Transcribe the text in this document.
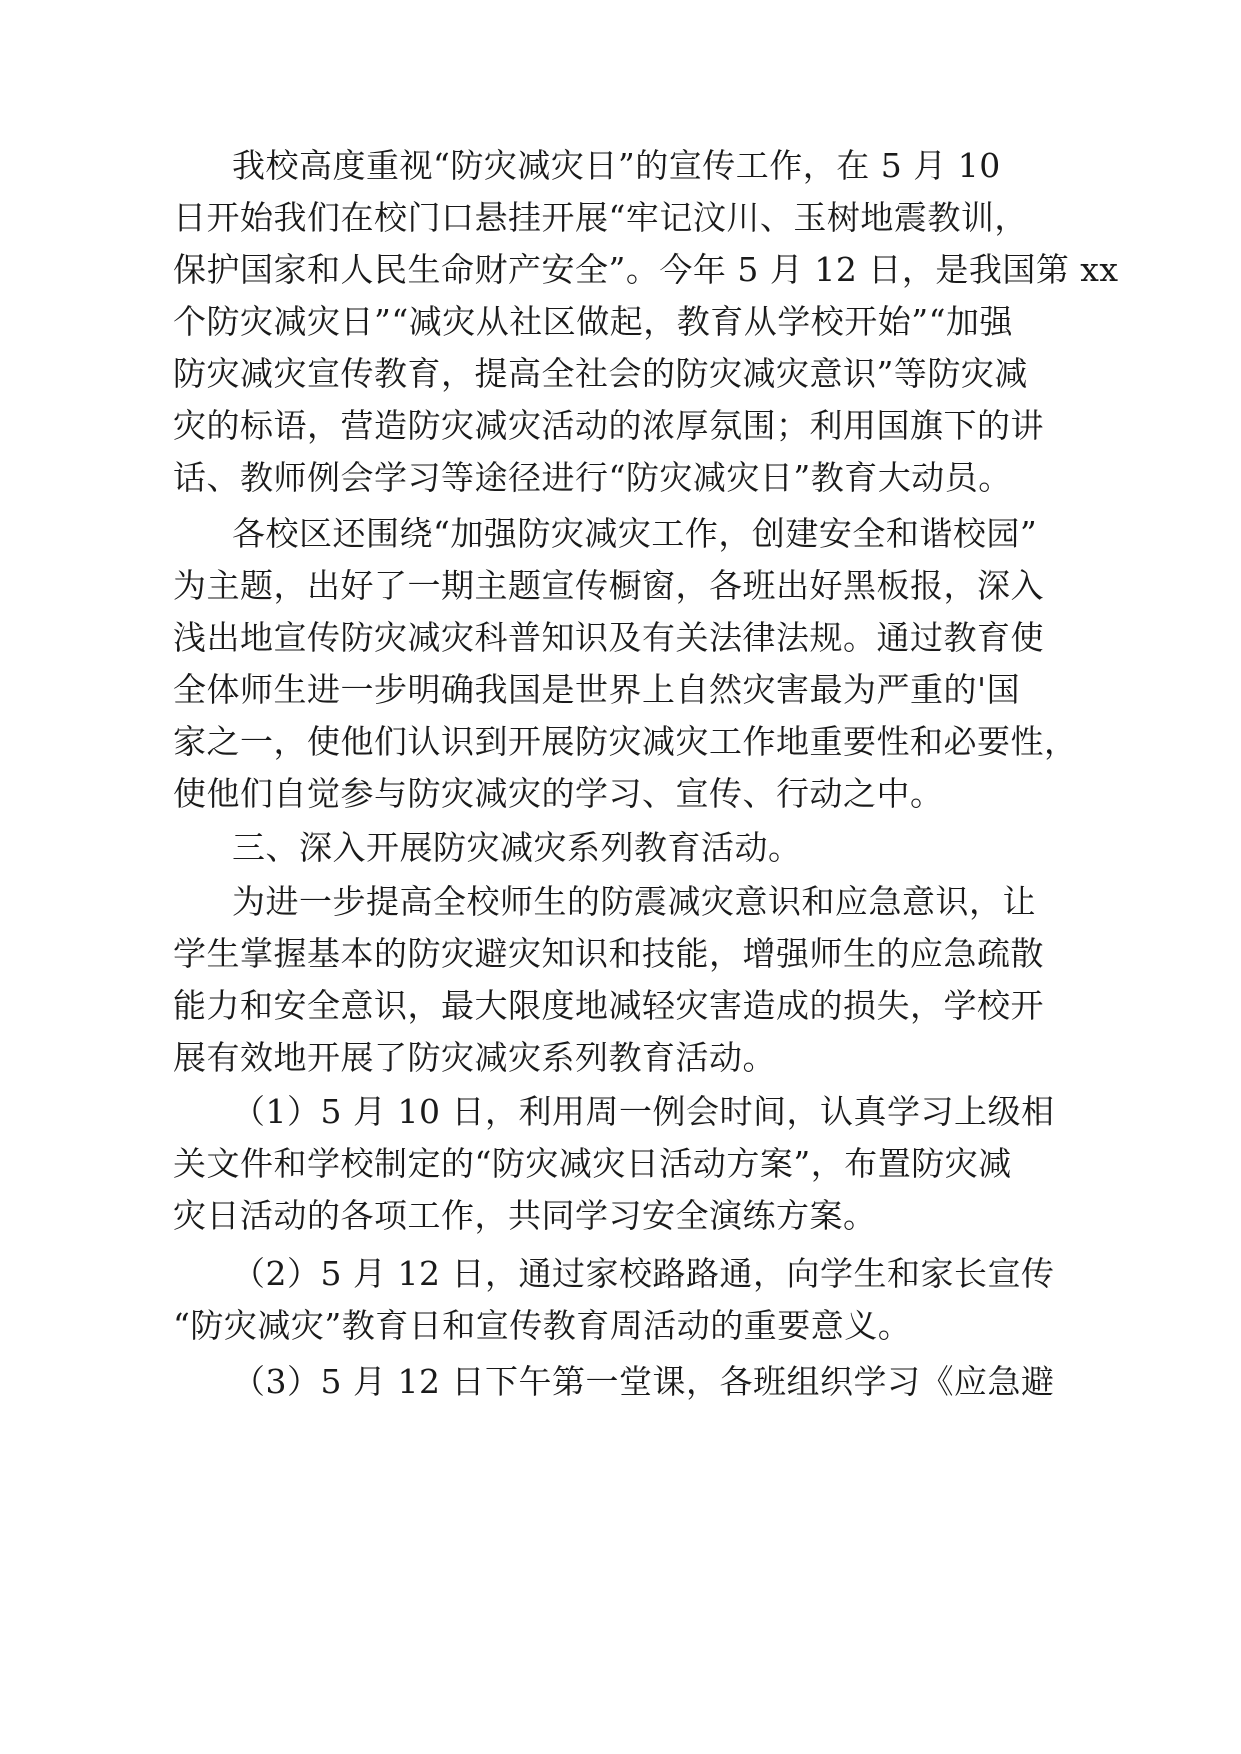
我校高度重视“防灾减灾日”的宣传工作，在 5 月 10
日开始我们在校门口悬挂开展“牢记汶川、玉树地震教训，
保护国家和人民生命财产安全”。今年 5 月 12 日，是我国第 xx
个防灾减灾日”“减灾从社区做起，教育从学校开始”“加强
防灾减灾宣传教育，提高全社会的防灾减灾意识”等防灾减
灾的标语，营造防灾减灾活动的浓厚氛围；利用国旗下的讲
话、教师例会学习等途径进行“防灾减灾日”教育大动员。
各校区还围绕“加强防灾减灾工作，创建安全和谐校园”
为主题，出好了一期主题宣传橱窗，各班出好黑板报，深入
浅出地宣传防灾减灾科普知识及有关法律法规。通过教育使
全体师生进一步明确我国是世界上自然灾害最为严重的'国
家之一，使他们认识到开展防灾减灾工作地重要性和必要性，
使他们自觉参与防灾减灾的学习、宣传、行动之中。
三、深入开展防灾减灾系列教育活动。
为进一步提高全校师生的防震减灾意识和应急意识，让
学生掌握基本的防灾避灾知识和技能，增强师生的应急疏散
能力和安全意识，最大限度地减轻灾害造成的损失，学校开
展有效地开展了防灾减灾系列教育活动。
（1）5 月 10 日，利用周一例会时间，认真学习上级相
关文件和学校制定的“防灾减灾日活动方案”，布置防灾减
灾日活动的各项工作，共同学习安全演练方案。
（2）5 月 12 日，通过家校路路通，向学生和家长宣传
“防灾减灾”教育日和宣传教育周活动的重要意义。
（3）5 月 12 日下午第一堂课，各班组织学习《应急避
